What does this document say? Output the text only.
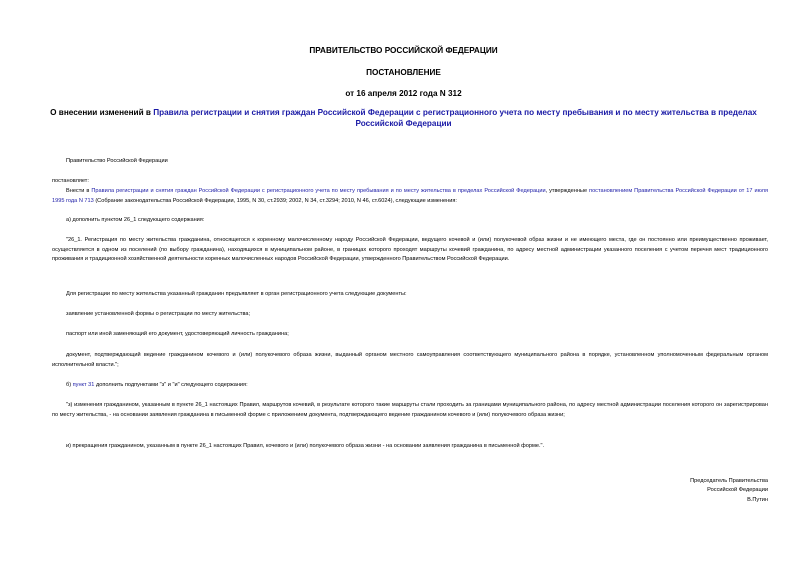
ПРАВИТЕЛЬСТВО РОССИЙСКОЙ ФЕДЕРАЦИИ
ПОСТАНОВЛЕНИЕ
от 16 апреля 2012 года N 312
О внесении изменений в Правила регистрации и снятия граждан Российской Федерации с регистрационного учета по месту пребывания и по месту жительства в пределах Российской Федерации
Правительство Российской Федерации
постановляет:
Внести в Правила регистрации и снятия граждан Российской Федерации с регистрационного учета по месту пребывания и по месту жительства в пределах Российской Федерации, утвержденные постановлением Правительства Российской Федерации от 17 июля 1995 года N 713 (Собрание законодательства Российской Федерации, 1995, N 30, ст.2939; 2002, N 34, ст.3294; 2010, N 46, ст.6024), следующие изменения:
а) дополнить пунктом 26_1 следующего содержания:
"26_1. Регистрация по месту жительства гражданина, относящегося к коренному малочисленному народу Российской Федерации, ведущего кочевой и (или) полукочевой образ жизни и не имеющего места, где он постоянно или преимущественно проживает, осуществляется в одном из поселений (по выбору гражданина), находящихся в муниципальном районе, в границах которого проходят маршруты кочевий гражданина, по адресу местной администрации указанного поселения с учетом перечня мест традиционного проживания и традиционной хозяйственной деятельности коренных малочисленных народов Российской Федерации, утвержденного Правительством Российской Федерации.
Для регистрации по месту жительства указанный гражданин предъявляет в орган регистрационного учета следующие документы:
заявление установленной формы о регистрации по месту жительства;
паспорт или иной заменяющий его документ, удостоверяющий личность гражданина;
документ, подтверждающий ведение гражданином кочевого и (или) полукочевого образа жизни, выданный органом местного самоуправления соответствующего муниципального района в порядке, установленном уполномоченным федеральным органом исполнительной власти.";
б) пункт 31 дополнить подпунктами "з" и "и" следующего содержания:
"з) изменения гражданином, указанным в пункте 26_1 настоящих Правил, маршрутов кочевий, в результате которого такие маршруты стали проходить за границами муниципального района, по адресу местной администрации поселения которого он зарегистрирован по месту жительства, - на основании заявления гражданина в письменной форме с приложением документа, подтверждающего ведение гражданином кочевого и (или) полукочевого образа жизни;
и) прекращения гражданином, указанным в пункте 26_1 настоящих Правил, кочевого и (или) полукочевого образа жизни - на основании заявления гражданина в письменной форме.".
Председатель Правительства
Российской Федерации
В.Путин
